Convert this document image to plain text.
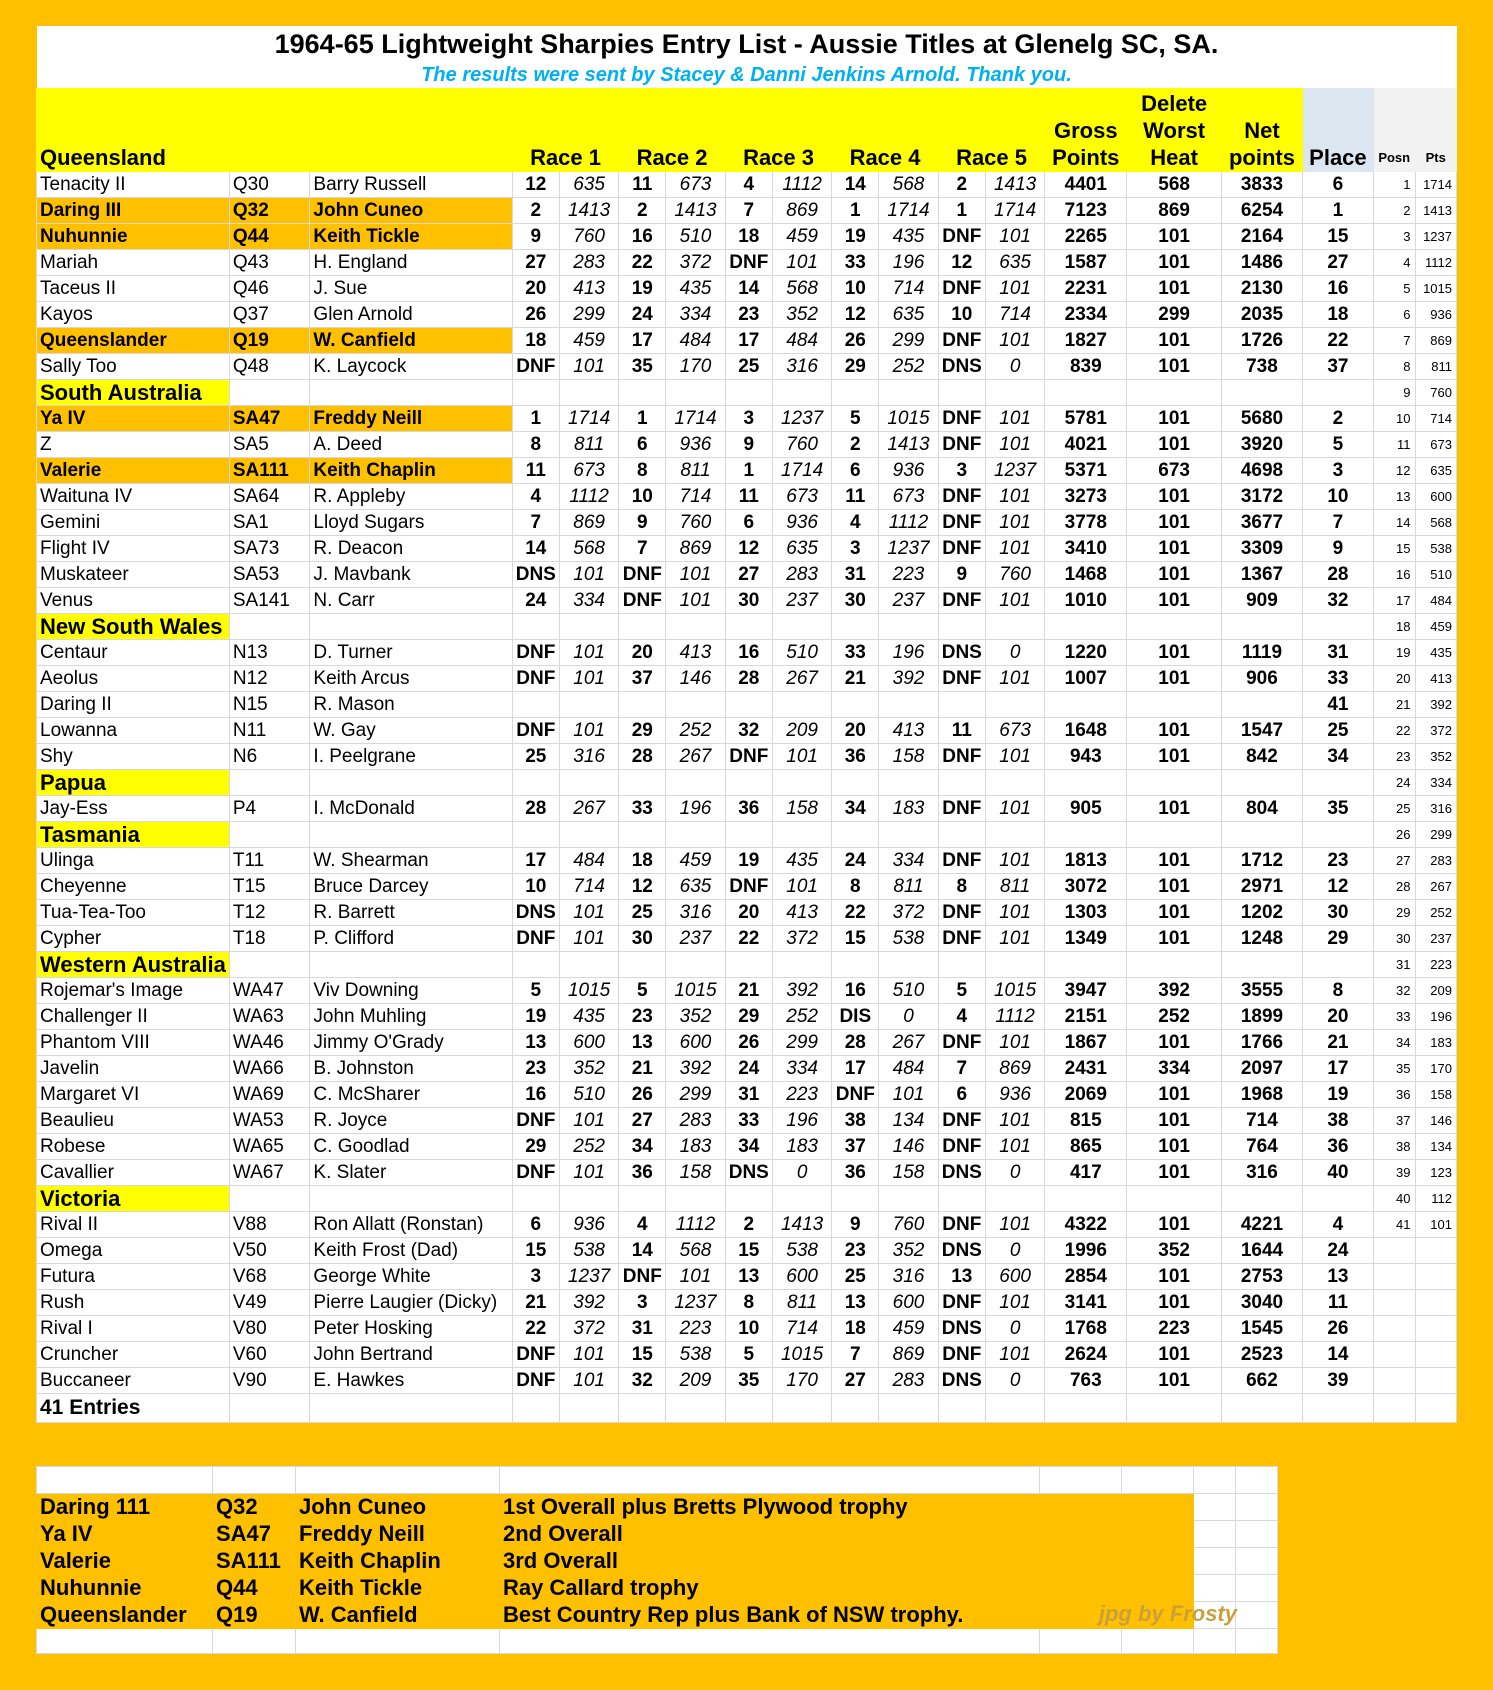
1964-65 Lightweight Sharpies Entry List - Aussie Titles at Glenelg SC, SA.																		
The results were sent by Stacey & Danni Jenkins Arnold. Thank you.																		
Queensland			Race 1		Race 2		Race 3		Race 4		Race 5		Gross
Points	Delete
Worst
Heat	Net
points	Place	Posn	Pts
Tenacity II	Q30	Barry Russell	12	635	11	673	4	1112	14	568	2	1413	4401	568	3833	6	1	1714
Daring III	Q32	John Cuneo	2	1413	2	1413	7	869	1	1714	1	1714	7123	869	6254	1	2	1413
Nuhunnie	Q44	Keith Tickle	9	760	16	510	18	459	19	435	DNF	101	2265	101	2164	15	3	1237
Mariah	Q43	H. England	27	283	22	372	DNF	101	33	196	12	635	1587	101	1486	27	4	1112
Taceus II	Q46	J. Sue	20	413	19	435	14	568	10	714	DNF	101	2231	101	2130	16	5	1015
Kayos	Q37	Glen Arnold	26	299	24	334	23	352	12	635	10	714	2334	299	2035	18	6	936
Queenslander	Q19	W. Canfield	18	459	17	484	17	484	26	299	DNF	101	1827	101	1726	22	7	869
Sally Too	Q48	K. Laycock	DNF	101	35	170	25	316	29	252	DNS	0	839	101	738	37	8	811
South Australia																	9	760
Ya IV	SA47	Freddy Neill	1	1714	1	1714	3	1237	5	1015	DNF	101	5781	101	5680	2	10	714
Z	SA5	A. Deed	8	811	6	936	9	760	2	1413	DNF	101	4021	101	3920	5	11	673
Valerie	SA111	Keith Chaplin	11	673	8	811	1	1714	6	936	3	1237	5371	673	4698	3	12	635
Waituna IV	SA64	R. Appleby	4	1112	10	714	11	673	11	673	DNF	101	3273	101	3172	10	13	600
Gemini	SA1	Lloyd Sugars	7	869	9	760	6	936	4	1112	DNF	101	3778	101	3677	7	14	568
Flight IV	SA73	R. Deacon	14	568	7	869	12	635	3	1237	DNF	101	3410	101	3309	9	15	538
Muskateer	SA53	J. Mavbank	DNS	101	DNF	101	27	283	31	223	9	760	1468	101	1367	28	16	510
Venus	SA141	N. Carr	24	334	DNF	101	30	237	30	237	DNF	101	1010	101	909	32	17	484
New South Wales																	18	459
Centaur	N13	D. Turner	DNF	101	20	413	16	510	33	196	DNS	0	1220	101	1119	31	19	435
Aeolus	N12	Keith Arcus	DNF	101	37	146	28	267	21	392	DNF	101	1007	101	906	33	20	413
Daring II	N15	R. Mason														41	21	392
Lowanna	N11	W. Gay	DNF	101	29	252	32	209	20	413	11	673	1648	101	1547	25	22	372
Shy	N6	I. Peelgrane	25	316	28	267	DNF	101	36	158	DNF	101	943	101	842	34	23	352
Papua																	24	334
Jay-Ess	P4	I. McDonald	28	267	33	196	36	158	34	183	DNF	101	905	101	804	35	25	316
Tasmania																	26	299
Ulinga	T11	W. Shearman	17	484	18	459	19	435	24	334	DNF	101	1813	101	1712	23	27	283
Cheyenne	T15	Bruce Darcey	10	714	12	635	DNF	101	8	811	8	811	3072	101	2971	12	28	267
Tua-Tea-Too	T12	R. Barrett	DNS	101	25	316	20	413	22	372	DNF	101	1303	101	1202	30	29	252
Cypher	T18	P. Clifford	DNF	101	30	237	22	372	15	538	DNF	101	1349	101	1248	29	30	237
Western Australia																	31	223
Rojemar's Image	WA47	Viv Downing	5	1015	5	1015	21	392	16	510	5	1015	3947	392	3555	8	32	209
Challenger II	WA63	John Muhling	19	435	23	352	29	252	DIS	0	4	1112	2151	252	1899	20	33	196
Phantom VIII	WA46	Jimmy O'Grady	13	600	13	600	26	299	28	267	DNF	101	1867	101	1766	21	34	183
Javelin	WA66	B. Johnston	23	352	21	392	24	334	17	484	7	869	2431	334	2097	17	35	170
Margaret VI	WA69	C. McSharer	16	510	26	299	31	223	DNF	101	6	936	2069	101	1968	19	36	158
Beaulieu	WA53	R. Joyce	DNF	101	27	283	33	196	38	134	DNF	101	815	101	714	38	37	146
Robese	WA65	C. Goodlad	29	252	34	183	34	183	37	146	DNF	101	865	101	764	36	38	134
Cavallier	WA67	K. Slater	DNF	101	36	158	DNS	0	36	158	DNS	0	417	101	316	40	39	123
Victoria																	40	112
Rival II	V88	Ron Allatt (Ronstan)	6	936	4	1112	2	1413	9	760	DNF	101	4322	101	4221	4	41	101
Omega	V50	Keith Frost (Dad)	15	538	14	568	15	538	23	352	DNS	0	1996	352	1644	24		
Futura	V68	George White	3	1237	DNF	101	13	600	25	316	13	600	2854	101	2753	13		
Rush	V49	Pierre Laugier (Dicky)	21	392	3	1237	8	811	13	600	DNF	101	3141	101	3040	11		
Rival I	V80	Peter Hosking	22	372	31	223	10	714	18	459	DNS	0	1768	223	1545	26		
Cruncher	V60	John Bertrand	DNF	101	15	538	5	1015	7	869	DNF	101	2624	101	2523	14		
Buccaneer	V90	E. Hawkes	DNF	101	32	209	35	170	27	283	DNS	0	763	101	662	39		
41 Entries																		

Daring 111	Q32	John Cuneo	1st Overall plus Bretts Plywood trophy				
Ya IV	SA47	Freddy Neill	2nd Overall				
Valerie	SA111	Keith Chaplin	3rd Overall				
Nuhunnie	Q44	Keith Tickle	Ray Callard trophy				
Queenslander	Q19	W. Canfield	Best Country Rep plus Bank of NSW trophy.				
								jpg by Frosty
